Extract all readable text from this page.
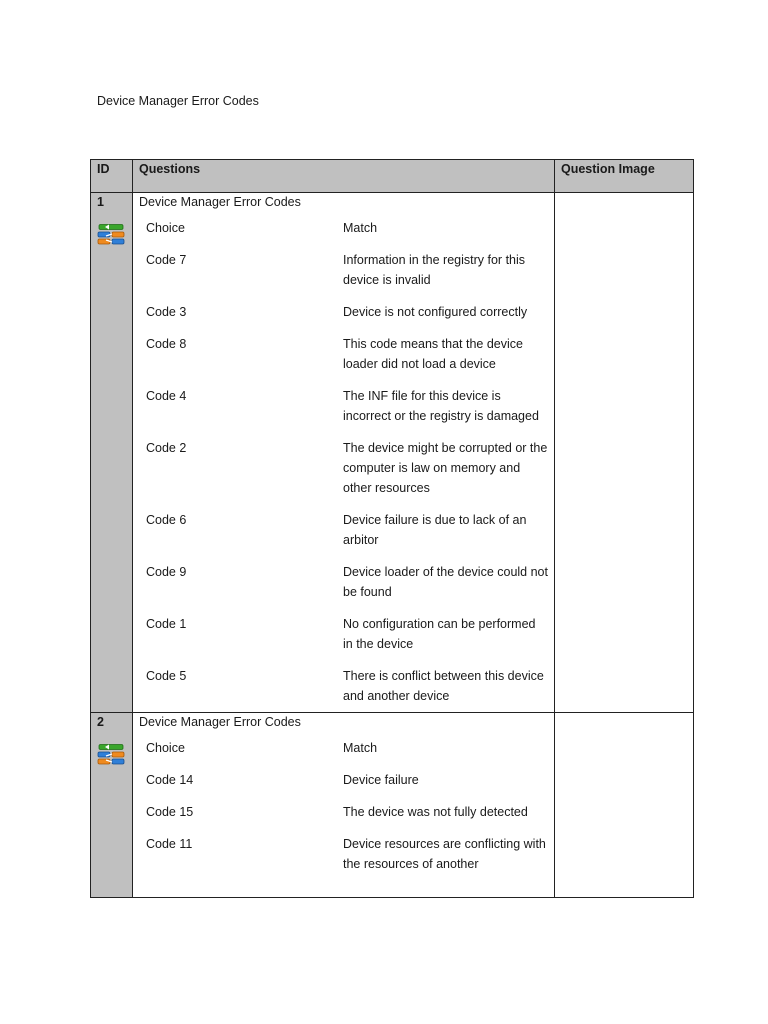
Device Manager Error Codes
ID	Questions	Question Image

1	Device Manager Error Codes
Choice	Match

Code 7	Information in the registry for this device is invalid

Code 3	Device is not configured correctly

Code 8	This code means that the device loader did not load a device

Code 4	The INF file for this device is incorrect or the registry is damaged

Code 2	The device might be corrupted or the computer is law on memory and other resources

Code 6	Device failure is due to lack of an arbitor

Code 9	Device loader of the device could not be found

Code 1	No configuration can be performed in the device

Code 5	There is conflict between this device and another device

2	Device Manager Error Codes
Choice	Match

Code 14	Device failure

Code 15	The device was not fully detected

Code 11	Device resources are conflicting with the resources of another
